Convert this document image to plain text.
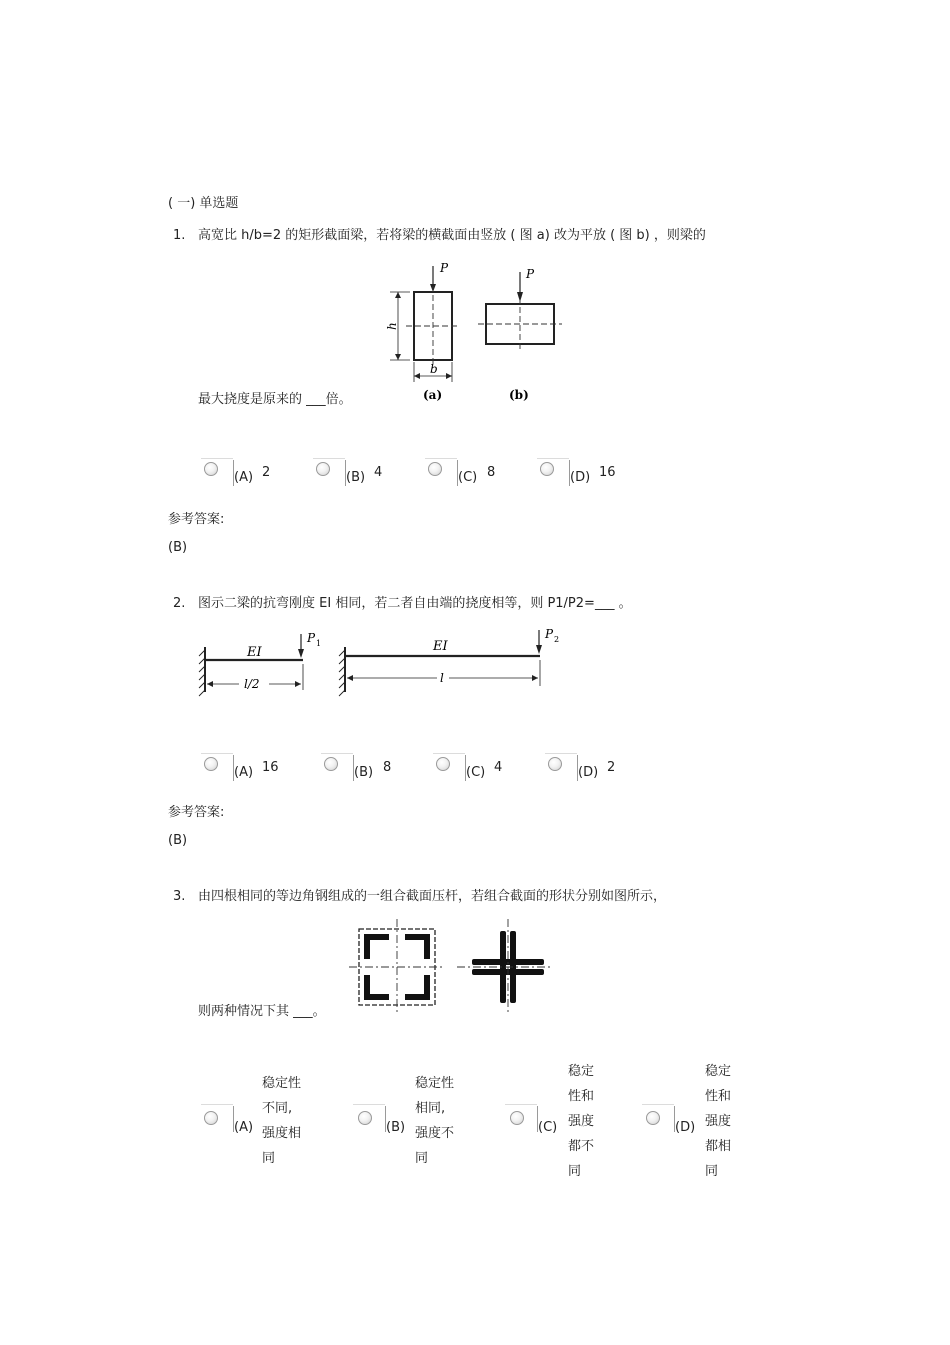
( 一) 单选题
1. 高宽比 h/b=2 的矩形截面梁，若将梁的横截面由竖放 ( 图 a) 改为平放 ( 图 b) ，则梁的
P
h
b
(a)
P
(b)
最大挠度是原来的 ___倍。
(A) 2	(B) 4	(C) 8	(D) 16
参考答案:
(B)
2. 图示二梁的抗弯刚度 EI 相同，若二者自由端的挠度相等，则 P1/P2=___ 。
EI
P 1
l/2
EI
P 2
l
(A) 16	(B) 8	(C) 4	(D) 2
参考答案:
(B)
3. 由四根相同的等边角钢组成的一组合截面压杆，若组合截面的形状分别如图所示，
则两种情况下其 ___。
(A)
稳定性
不同,
强度相
同
(B)
稳定性
相同,
强度不
同
(C)
稳定
性和
强度
都不
同
(D)
稳定
性和
强度
都相
同
